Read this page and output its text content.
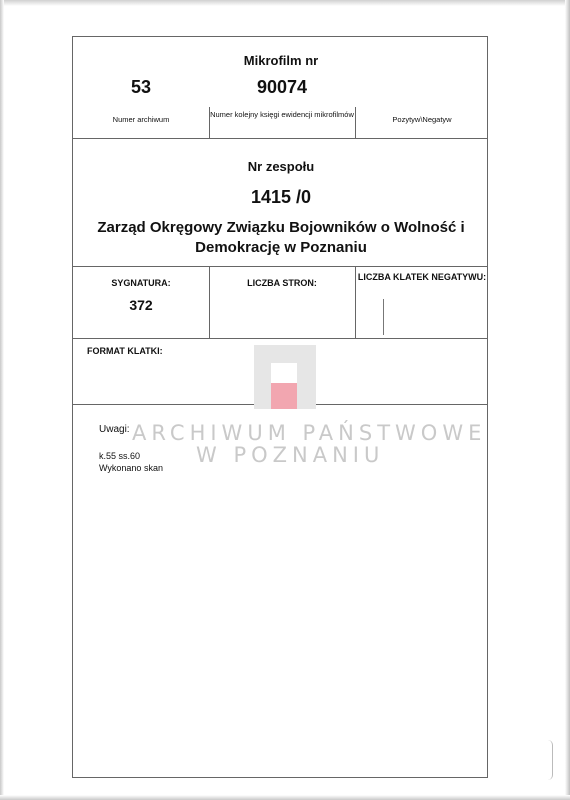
Mikrofilm nr
53	90074
Numer archiwum
Numer kolejny księgi ewidencji mikrofilmów
Pozytyw\Negatyw
Nr zespołu
1415 /0
Zarząd Okręgowy Związku Bojowników o Wolność i Demokrację w Poznaniu
SYGNATURA:
372
LICZBA STRON:
LICZBA KLATEK NEGATYWU:
FORMAT KLATKI:
Uwagi:
k.55 ss.60
Wykonano skan
ARCHIWUM PAŃSTWOWE
W POZNANIU
